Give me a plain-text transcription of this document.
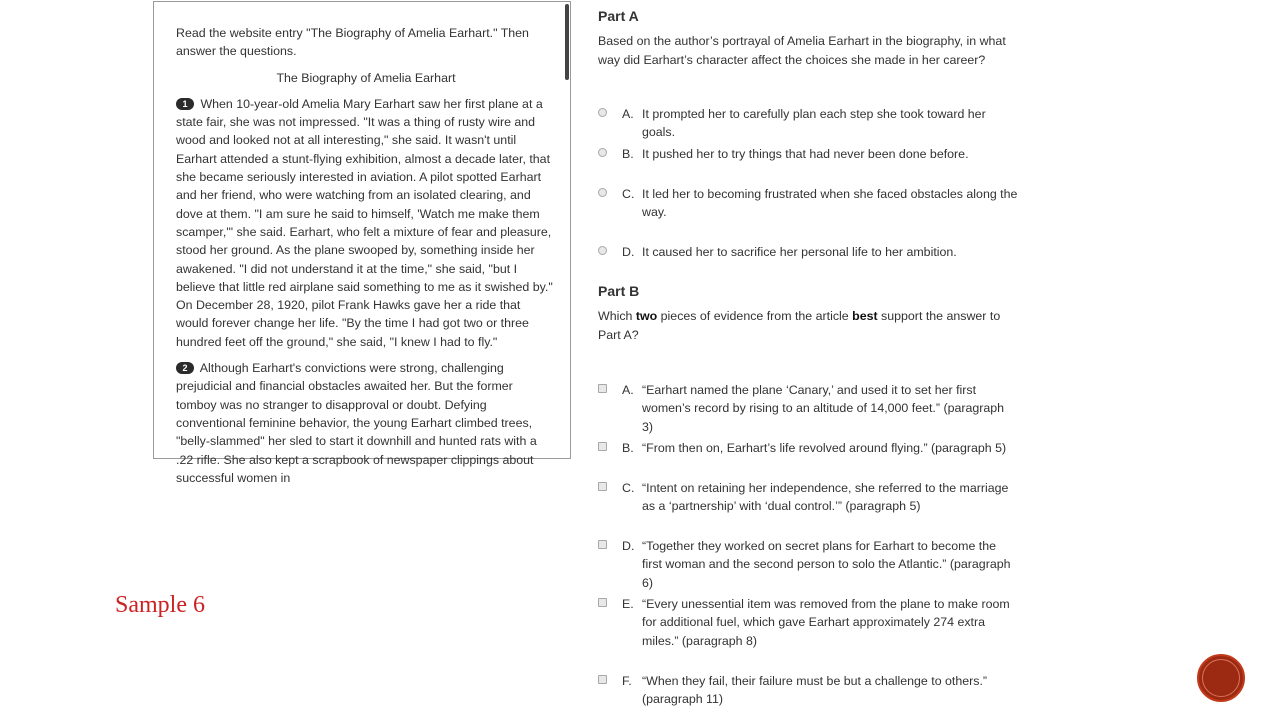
Read the website entry "The Biography of Amelia Earhart." Then answer the questions.

The Biography of Amelia Earhart

1 When 10-year-old Amelia Mary Earhart saw her first plane at a state fair, she was not impressed. "It was a thing of rusty wire and wood and looked not at all interesting," she said. It wasn't until Earhart attended a stunt-flying exhibition, almost a decade later, that she became seriously interested in aviation. A pilot spotted Earhart and her friend, who were watching from an isolated clearing, and dove at them. "I am sure he said to himself, 'Watch me make them scamper,'" she said. Earhart, who felt a mixture of fear and pleasure, stood her ground. As the plane swooped by, something inside her awakened. "I did not understand it at the time," she said, "but I believe that little red airplane said something to me as it swished by." On December 28, 1920, pilot Frank Hawks gave her a ride that would forever change her life. "By the time I had got two or three hundred feet off the ground," she said, "I knew I had to fly."

2 Although Earhart's convictions were strong, challenging prejudicial and financial obstacles awaited her. But the former tomboy was no stranger to disapproval or doubt. Defying conventional feminine behavior, the young Earhart climbed trees, "belly-slammed" her sled to start it downhill and hunted rats with a .22 rifle. She also kept a scrapbook of newspaper clippings about successful women in

Part A
Based on the author’s portrayal of Amelia Earhart in the biography, in what way did Earhart’s character affect the choices she made in her career?
A. It prompted her to carefully plan each step she took toward her goals.
B. It pushed her to try things that had never been done before.
C. It led her to becoming frustrated when she faced obstacles along the way.
D. It caused her to sacrifice her personal life to her ambition.
Part B
Which two pieces of evidence from the article best support the answer to Part A?
A. “Earhart named the plane ‘Canary,’ and used it to set her first women’s record by rising to an altitude of 14,000 feet.” (paragraph 3)
B. “From then on, Earhart’s life revolved around flying.” (paragraph 5)
C. “Intent on retaining her independence, she referred to the marriage as a ‘partnership’ with ‘dual control.’” (paragraph 5)
D. “Together they worked on secret plans for Earhart to become the first woman and the second person to solo the Atlantic.” (paragraph 6)
E. “Every unessential item was removed from the plane to make room for additional fuel, which gave Earhart approximately 274 extra miles.” (paragraph 8)
F. “When they fail, their failure must be but a challenge to others.” (paragraph 11)
Sample 6
